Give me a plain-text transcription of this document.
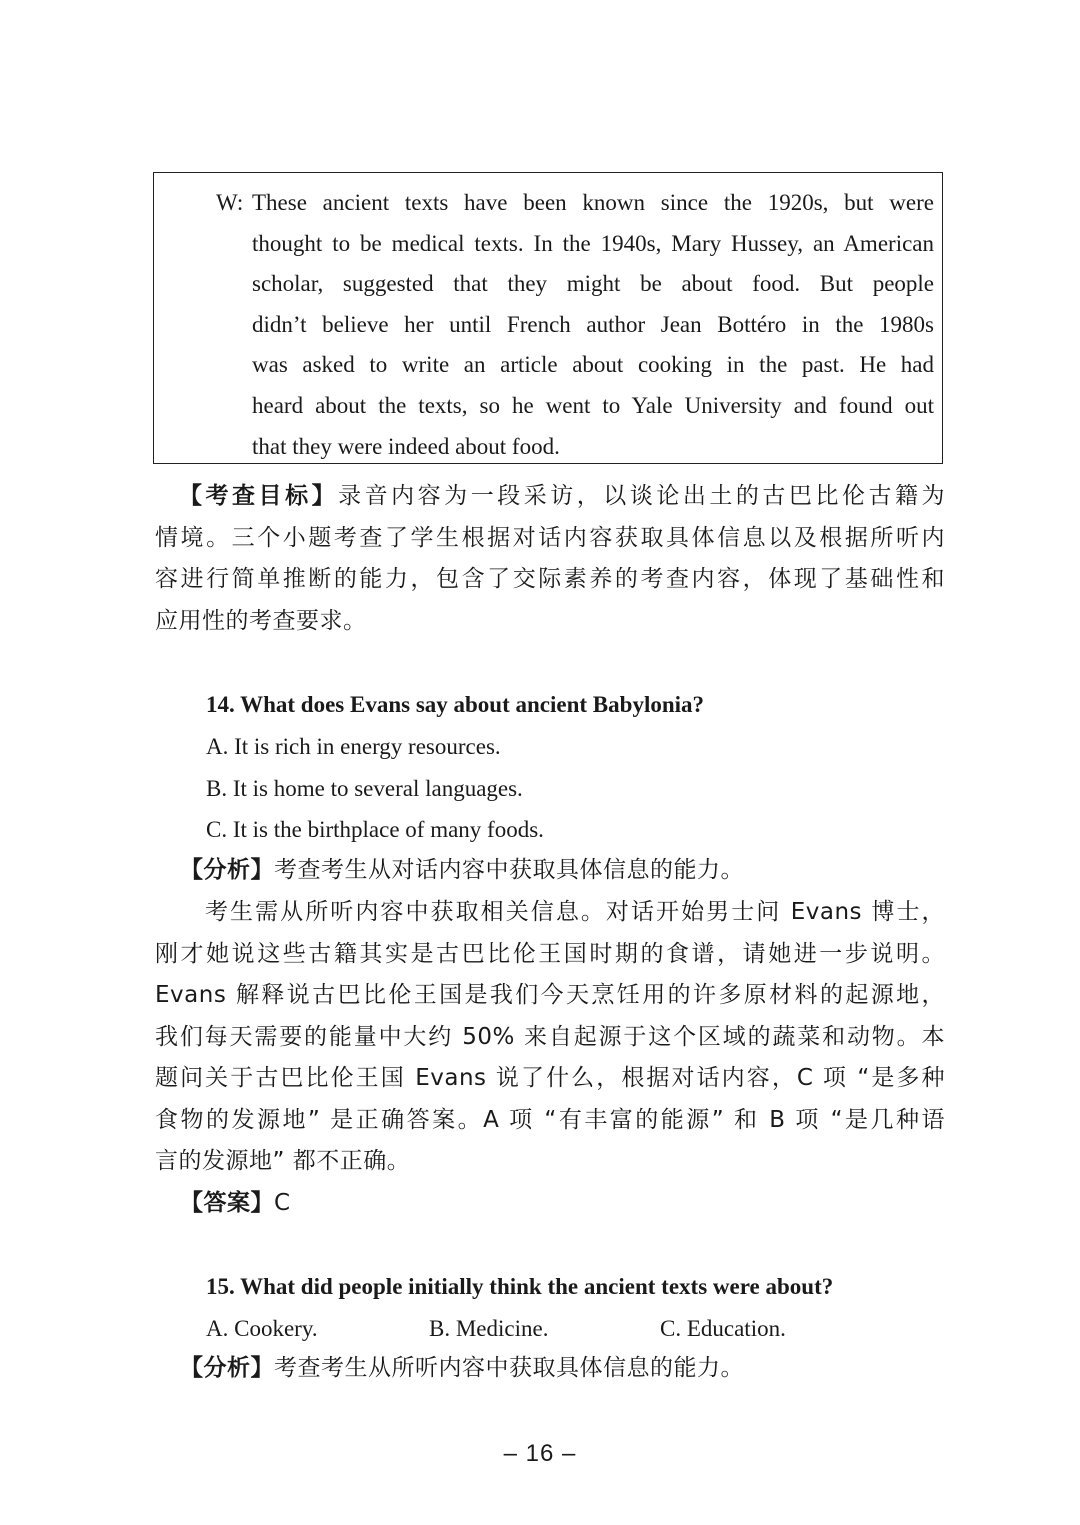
W: These ancient texts have been known since the 1920s, but were
thought to be medical texts. In the 1940s, Mary Hussey, an American
scholar, suggested that they might be about food. But people
didn’t believe her until French author Jean Bottéro in the 1980s
was asked to write an article about cooking in the past. He had
heard about the texts, so he went to Yale University and found out
that they were indeed about food.
【考查目标】录音内容为一段采访，以谈论出土的古巴比伦古籍为
情境。三个小题考查了学生根据对话内容获取具体信息以及根据所听内
容进行简单推断的能力，包含了交际素养的考查内容，体现了基础性和
应用性的考查要求。
14. What does Evans say about ancient Babylonia?
A. It is rich in energy resources.
B. It is home to several languages.
C. It is the birthplace of many foods.
【分析】考查考生从对话内容中获取具体信息的能力。
考生需从所听内容中获取相关信息。对话开始男士问 Evans 博士，
刚才她说这些古籍其实是古巴比伦王国时期的食谱，请她进一步说明。
Evans 解释说古巴比伦王国是我们今天烹饪用的许多原材料的起源地，
我们每天需要的能量中大约 50% 来自起源于这个区域的蔬菜和动物。本
题问关于古巴比伦王国 Evans 说了什么，根据对话内容，C 项 “是多种
食物的发源地” 是正确答案。A 项 “有丰富的能源” 和 B 项 “是几种语
言的发源地” 都不正确。
【答案】C
15. What did people initially think the ancient texts were about?
A. Cookery.	B. Medicine.	C. Education.
【分析】考查考生从所听内容中获取具体信息的能力。
– 16 –
